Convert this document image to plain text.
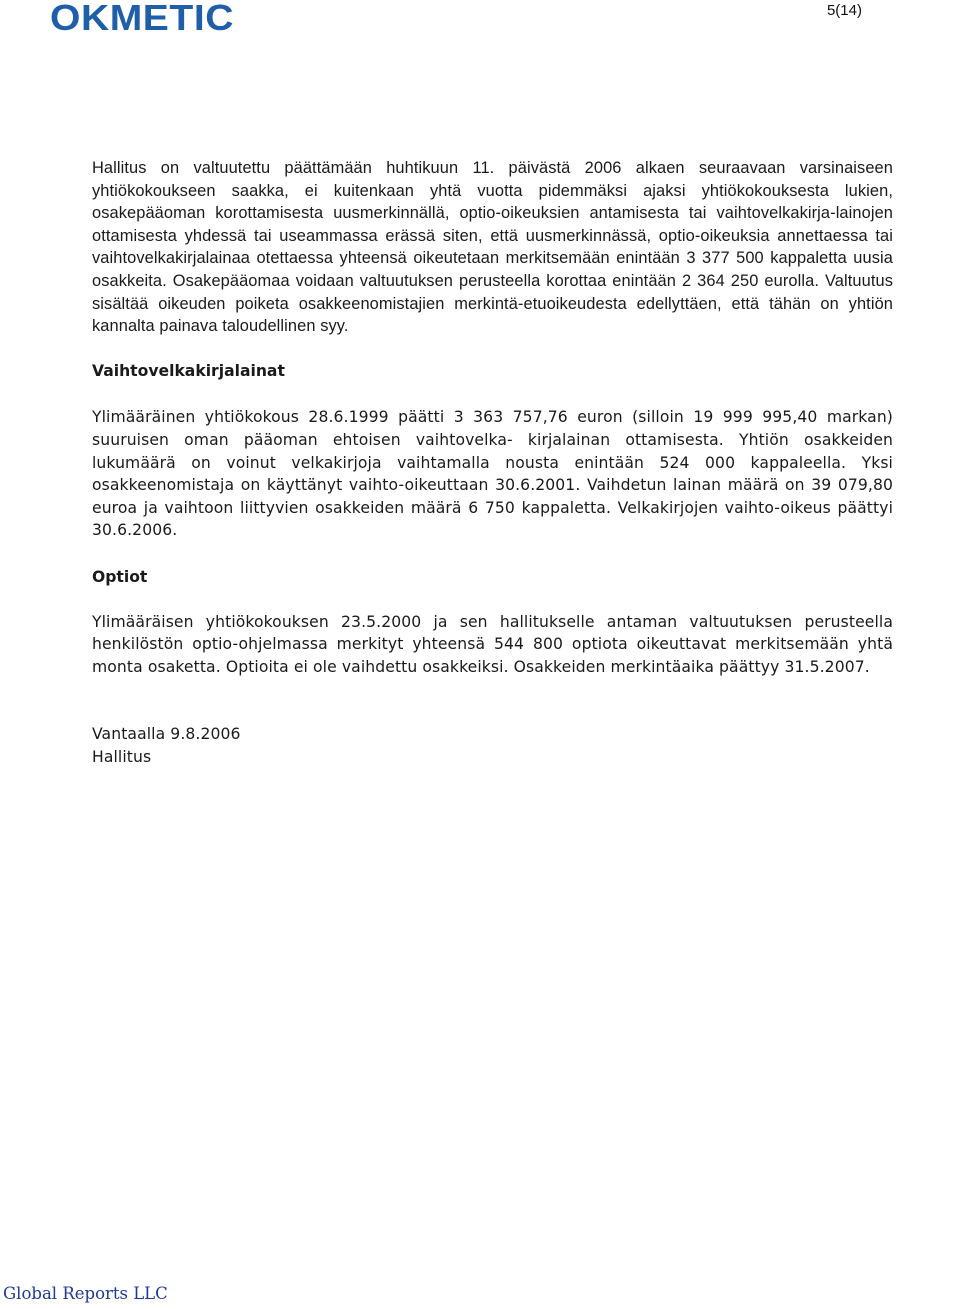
OKMETIC	5(14)

Hallitus on valtuutettu päättämään huhtikuun 11. päivästä 2006 alkaen seuraavaan varsinaiseen yhtiökokoukseen saakka, ei kuitenkaan yhtä vuotta pidemmäksi ajaksi yhtiökokouksesta lukien, osakepääoman korottamisesta uusmerkinnällä, optio-oikeuksien antamisesta tai vaihtovelkakirja-lainojen ottamisesta yhdessä tai useammassa erässä siten, että uusmerkinnässä, optio-oikeuksia annettaessa tai vaihtovelkakirjalainaa otettaessa yhteensä oikeutetaan merkitsemään enintään 3 377 500 kappaletta uusia osakkeita. Osakepääomaa voidaan valtuutuksen perusteella korottaa enintään 2 364 250 eurolla. Valtuutus sisältää oikeuden poiketa osakkeenomistajien merkintä-etuoikeudesta edellyttäen, että tähän on yhtiön kannalta painava taloudellinen syy.

Vaihtovelkakirjalainat

Ylimääräinen yhtiökokous 28.6.1999 päätti 3 363 757,76 euron (silloin 19 999 995,40 markan) suuruisen oman pääoman ehtoisen vaihtovelka- kirjalainan ottamisesta. Yhtiön osakkeiden lukumäärä on voinut velkakirjoja vaihtamalla nousta enintään 524 000 kappaleella. Yksi osakkeenomistaja on käyttänyt vaihto-oikeuttaan 30.6.2001. Vaihdetun lainan määrä on 39 079,80 euroa ja vaihtoon liittyvien osakkeiden määrä 6 750 kappaletta. Velkakirjojen vaihto-oikeus päättyi 30.6.2006.

Optiot

Ylimääräisen yhtiökokouksen 23.5.2000 ja sen hallitukselle antaman valtuutuksen perusteella henkilöstön optio-ohjelmassa merkityt yhteensä 544 800 optiota oikeuttavat merkitsemään yhtä monta osaketta. Optioita ei ole vaihdettu osakkeiksi. Osakkeiden merkintäaika päättyy 31.5.2007.

Vantaalla 9.8.2006

Hallitus

Global Reports LLC
